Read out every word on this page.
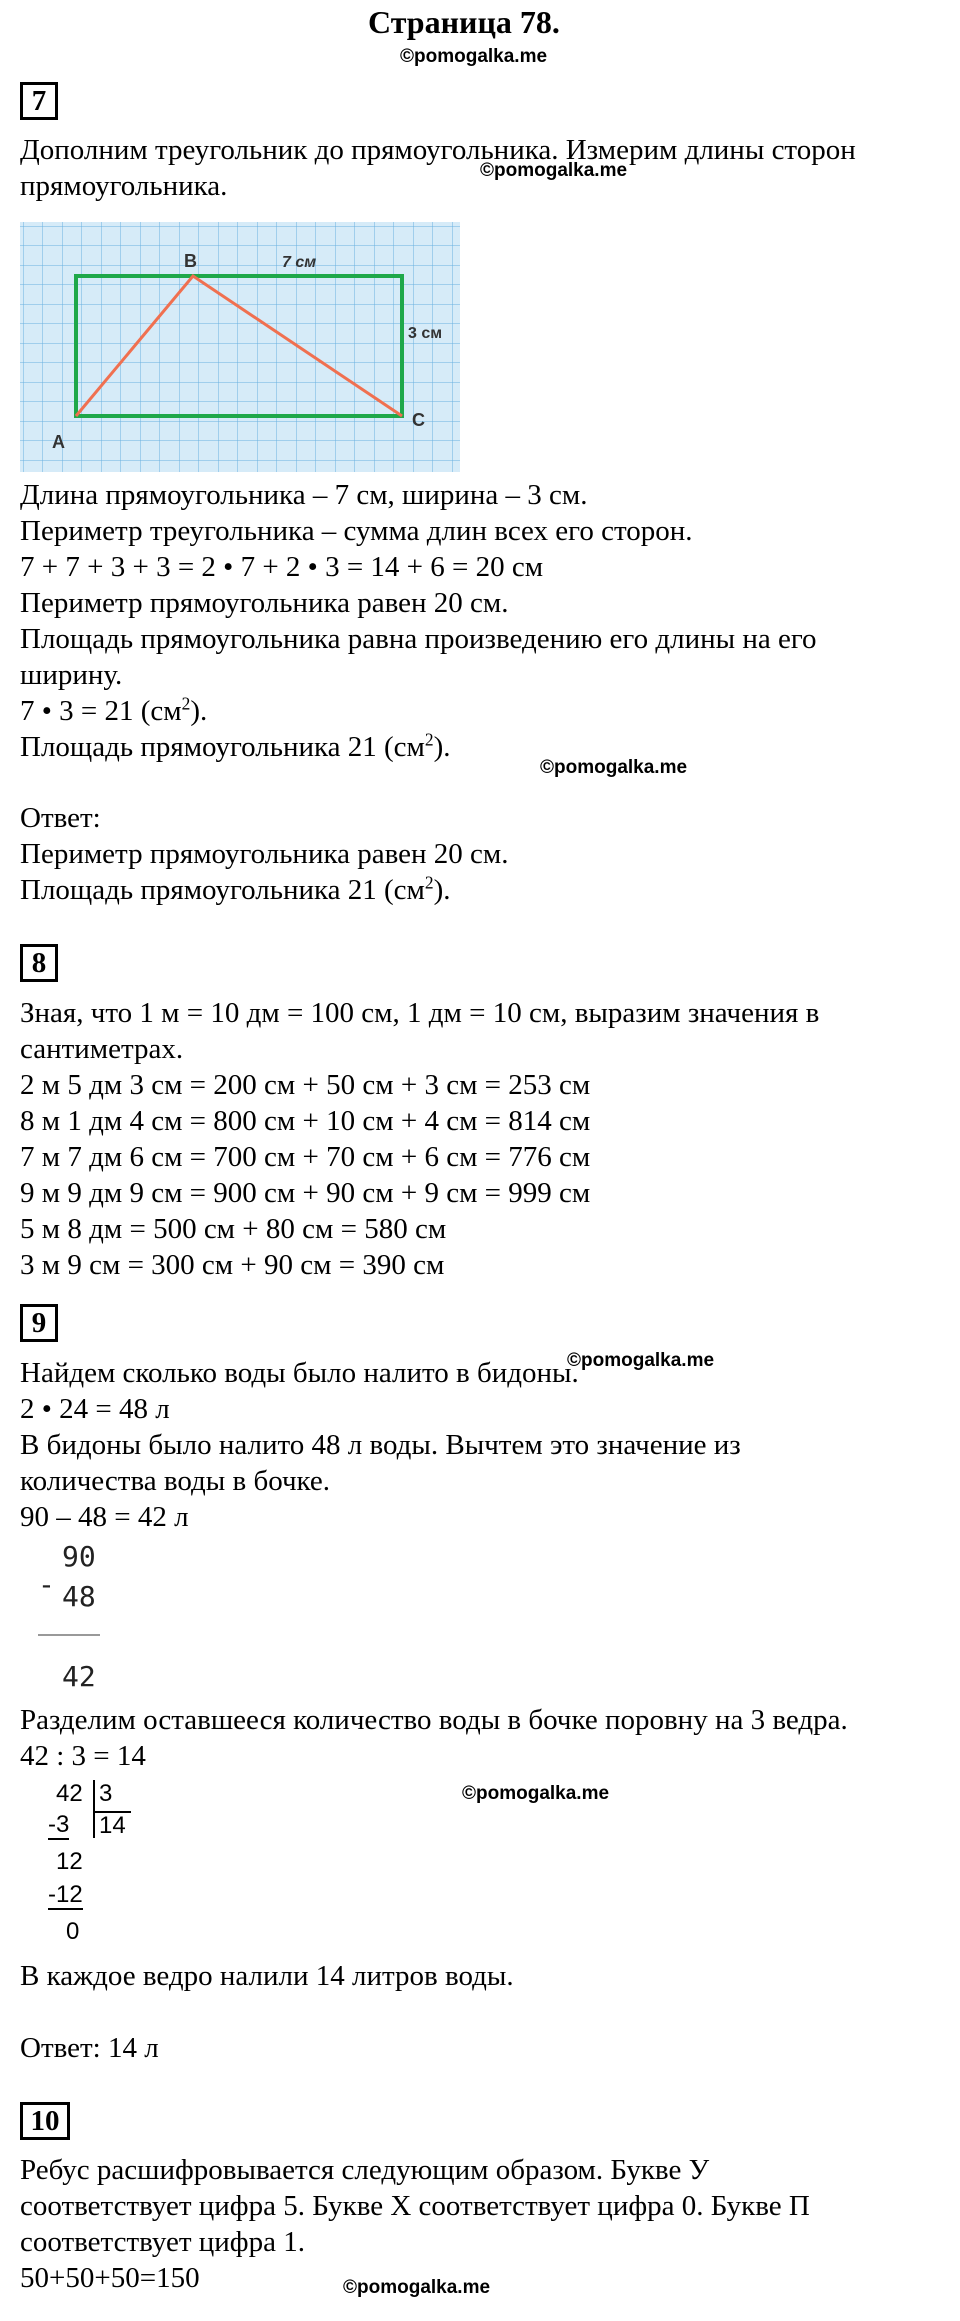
Страница 78.
©pomogalka.me
©pomogalka.me
©pomogalka.me
©pomogalka.me
©pomogalka.me
©pomogalka.me
7
Дополним треугольник до прямоугольника. Измерим длины сторон
прямоугольника.
A
B
C
7 см
3 см
Длина прямоугольника – 7 см, ширина – 3 см.
Периметр треугольника – сумма длин всех его сторон.
7 + 7 + 3 + 3 = 2 • 7 + 2 • 3 = 14 + 6 = 20 см
Периметр прямоугольника равен 20 см.
Площадь прямоугольника равна произведению его длины на его
ширину.
7 • 3 = 21 $(см^2)$.
Площадь прямоугольника 21 $(см^2)$.
Ответ:
Периметр прямоугольника равен 20 см.
Площадь прямоугольника 21 $(см^2)$.
8
Зная, что 1 м = 10 дм = 100 см, 1 дм = 10 см, выразим значения в
сантиметрах.
2 м 5 дм 3 см = 200 см + 50 см + 3 см = 253 см
8 м 1 дм 4 см = 800 см + 10 см + 4 см = 814 см
7 м 7 дм 6 см = 700 см + 70 см + 6 см = 776 см
9 м 9 дм 9 см = 900 см + 90 см + 9 см = 999 см
5 м 8 дм = 500 см + 80 см = 580 см
3 м 9 см = 300 см + 90 см = 390 см
9
Найдем сколько воды было налито в бидоны.
2 • 24 = 48 л
В бидоны было налито 48 л воды. Вычтем это значение из
количества воды в бочке.
90 – 48 = 42 л
-
90
48
42
Разделим оставшееся количество воды в бочке поровну на 3 ведра.
42 : 3 = 14
42 3
14
-3
12
-12
0
В каждое ведро налили 14 литров воды.
Ответ: 14 л
10
Ребус расшифровывается следующим образом. Букве У
соответствует цифра 5. Букве Х соответствует цифра 0. Букве П
соответствует цифра 1.
50+50+50=150
